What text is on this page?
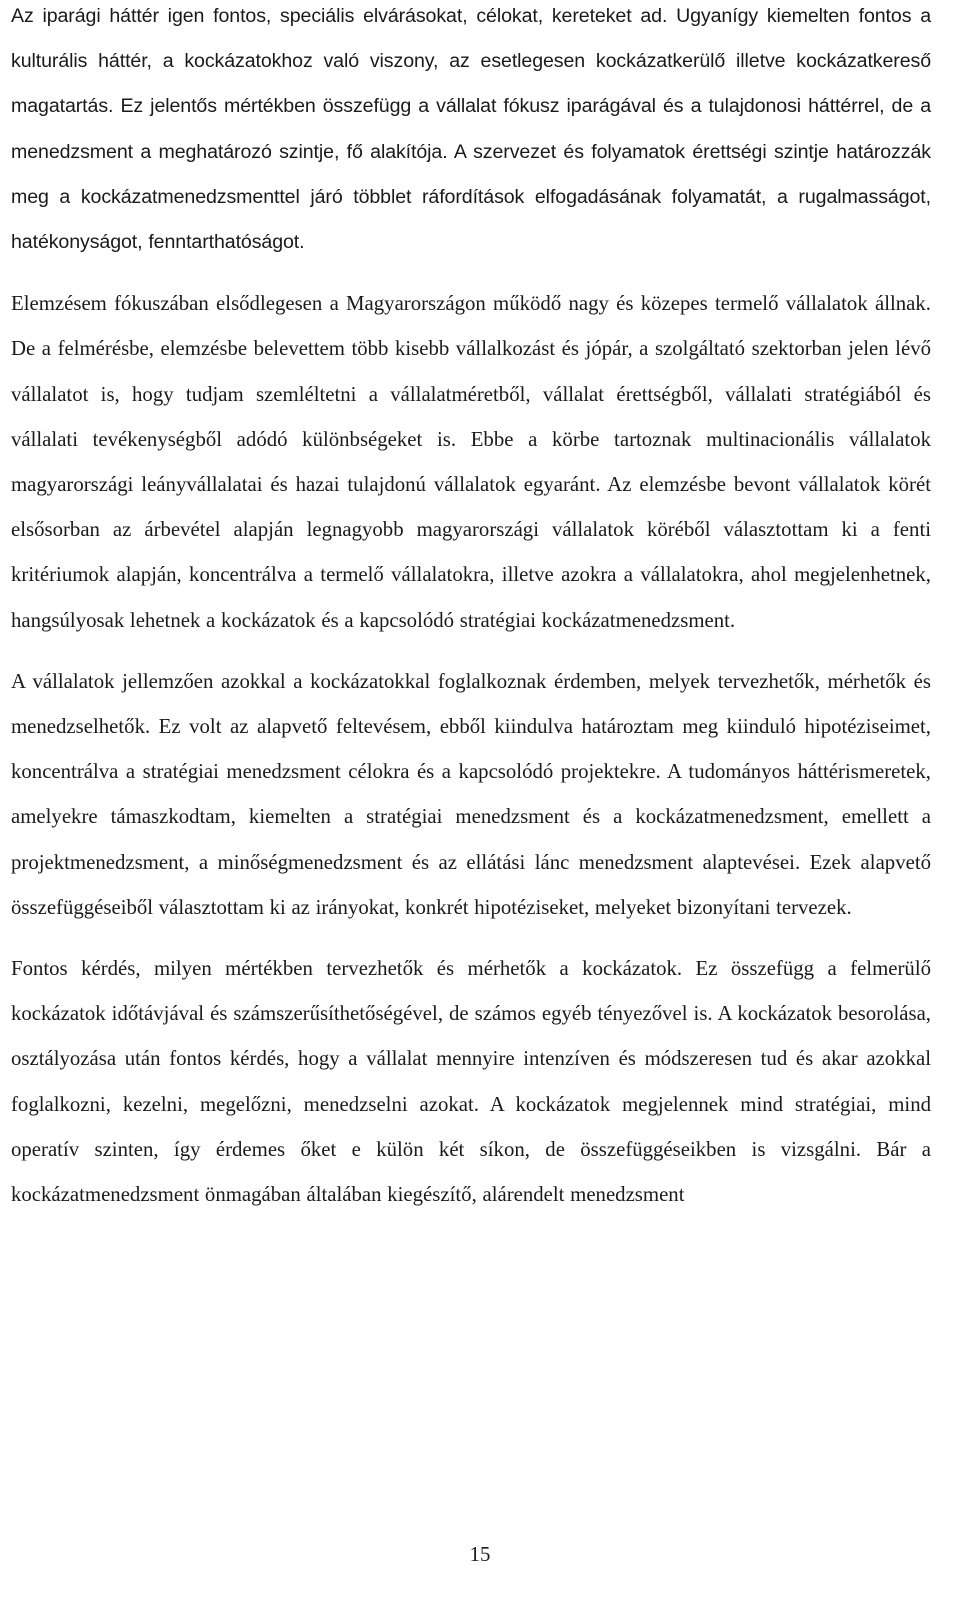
Az iparági háttér igen fontos, speciális elvárásokat, célokat, kereteket ad. Ugyanígy kiemelten fontos a kulturális háttér, a kockázatokhoz való viszony, az esetlegesen kockázatkerülő illetve kockázatkereső magatartás. Ez jelentős mértékben összefügg a vállalat fókusz iparágával és a tulajdonosi háttérrel, de a menedzsment a meghatározó szintje, fő alakítója. A szervezet és folyamatok érettségi szintje határozzák meg a kockázatmenedzsmenttel járó többlet ráfordítások elfogadásának folyamatát, a rugalmasságot, hatékonyságot, fenntarthatóságot.

Elemzésem fókuszában elsődlegesen a Magyarországon működő nagy és közepes termelő vállalatok állnak. De a felmérésbe, elemzésbe belevettem több kisebb vállalkozást és jópár, a szolgáltató szektorban jelen lévő vállalatot is, hogy tudjam szemléltetni a vállalatméretből, vállalat érettségből, vállalati stratégiából és vállalati tevékenységből adódó különbségeket is. Ebbe a körbe tartoznak multinacionális vállalatok magyarországi leányvállalatai és hazai tulajdonú vállalatok egyaránt. Az elemzésbe bevont vállalatok körét elsősorban az árbevétel alapján legnagyobb magyarországi vállalatok köréből választottam ki a fenti kritériumok alapján, koncentrálva a termelő vállalatokra, illetve azokra a vállalatokra, ahol megjelenhetnek, hangsúlyosak lehetnek a kockázatok és a kapcsolódó stratégiai kockázatmenedzsment.

A vállalatok jellemzően azokkal a kockázatokkal foglalkoznak érdemben, melyek tervezhetők, mérhetők és menedzselhetők. Ez volt az alapvető feltevésem, ebből kiindulva határoztam meg kiinduló hipotéziseimet, koncentrálva a stratégiai menedzsment célokra és a kapcsolódó projektekre. A tudományos háttérismeretek, amelyekre támaszkodtam, kiemelten a stratégiai menedzsment és a kockázatmenedzsment, emellett a projektmenedzsment, a minőségmenedzsment és az ellátási lánc menedzsment alaptevései. Ezek alapvető összefüggéseiből választottam ki az irányokat, konkrét hipotéziseket, melyeket bizonyítani tervezek.

Fontos kérdés, milyen mértékben tervezhetők és mérhetők a kockázatok. Ez összefügg a felmerülő kockázatok időtávjával és számszerűsíthetőségével, de számos egyéb tényezővel is. A kockázatok besorolása, osztályozása után fontos kérdés, hogy a vállalat mennyire intenzíven és módszeresen tud és akar azokkal foglalkozni, kezelni, megelőzni, menedzselni azokat. A kockázatok megjelennek mind stratégiai, mind operatív szinten, így érdemes őket e külön két síkon, de összefüggéseikben is vizsgálni. Bár a kockázatmenedzsment önmagában általában kiegészítő, alárendelt menedzsment

15
